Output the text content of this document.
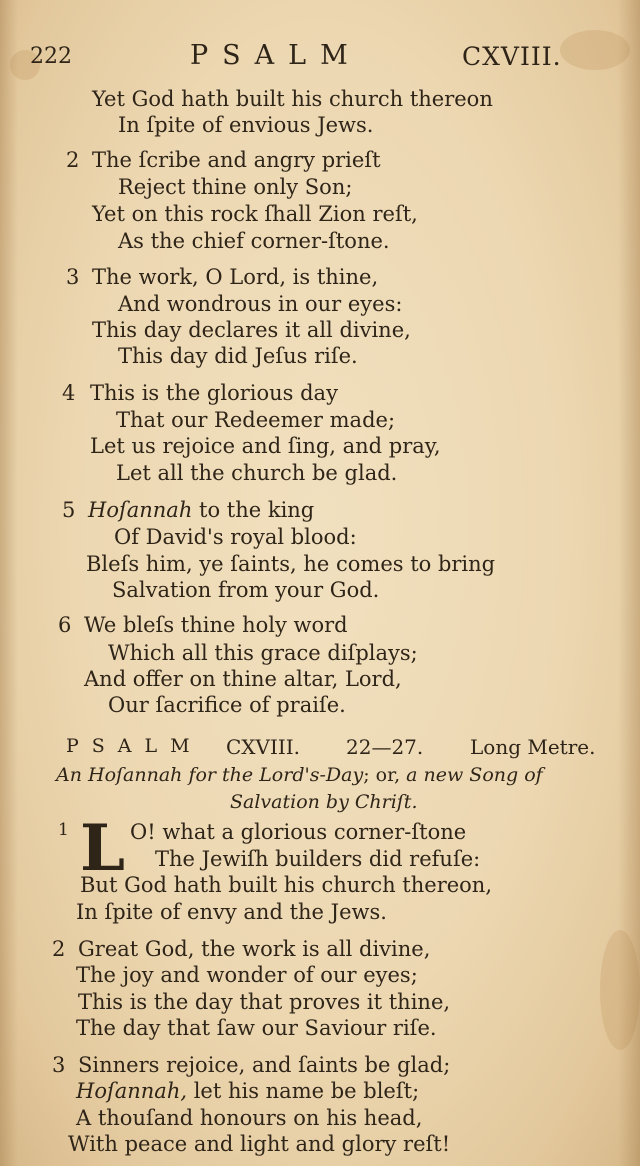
222	PSALM	CXVIII.
Yet God hath built his church thereon
In ſpite of envious Jews.
2 The ſcribe and angry prieſt
Reject thine only Son;
Yet on this rock ſhall Zion reſt,
As the chief corner-ſtone.
3 The work, O Lord, is thine,
And wondrous in our eyes:
This day declares it all divine,
This day did Jeſus riſe.
4 This is the glorious day
That our Redeemer made;
Let us rejoice and ſing, and pray,
Let all the church be glad.
5 Hoſannah to the king
Of David's royal blood:
Bleſs him, ye ſaints, he comes to bring
Salvation from your God.
6 We bleſs thine holy word
Which all this grace diſplays;
And offer on thine altar, Lord,
Our ſacrifice of praiſe.
PSALM CXVIII. 22—27. Long Metre.
An Hoſannah for the Lord's-Day; or, a new Song of
Salvation by Chriſt.
1 L O! what a glorious corner-ſtone
The Jewiſh builders did refuſe:
But God hath built his church thereon,
In ſpite of envy and the Jews.
2 Great God, the work is all divine,
The joy and wonder of our eyes;
This is the day that proves it thine,
The day that ſaw our Saviour riſe.
3 Sinners rejoice, and ſaints be glad;
Hoſannah, let his name be bleſt;
A thouſand honours on his head,
With peace and light and glory reſt!
